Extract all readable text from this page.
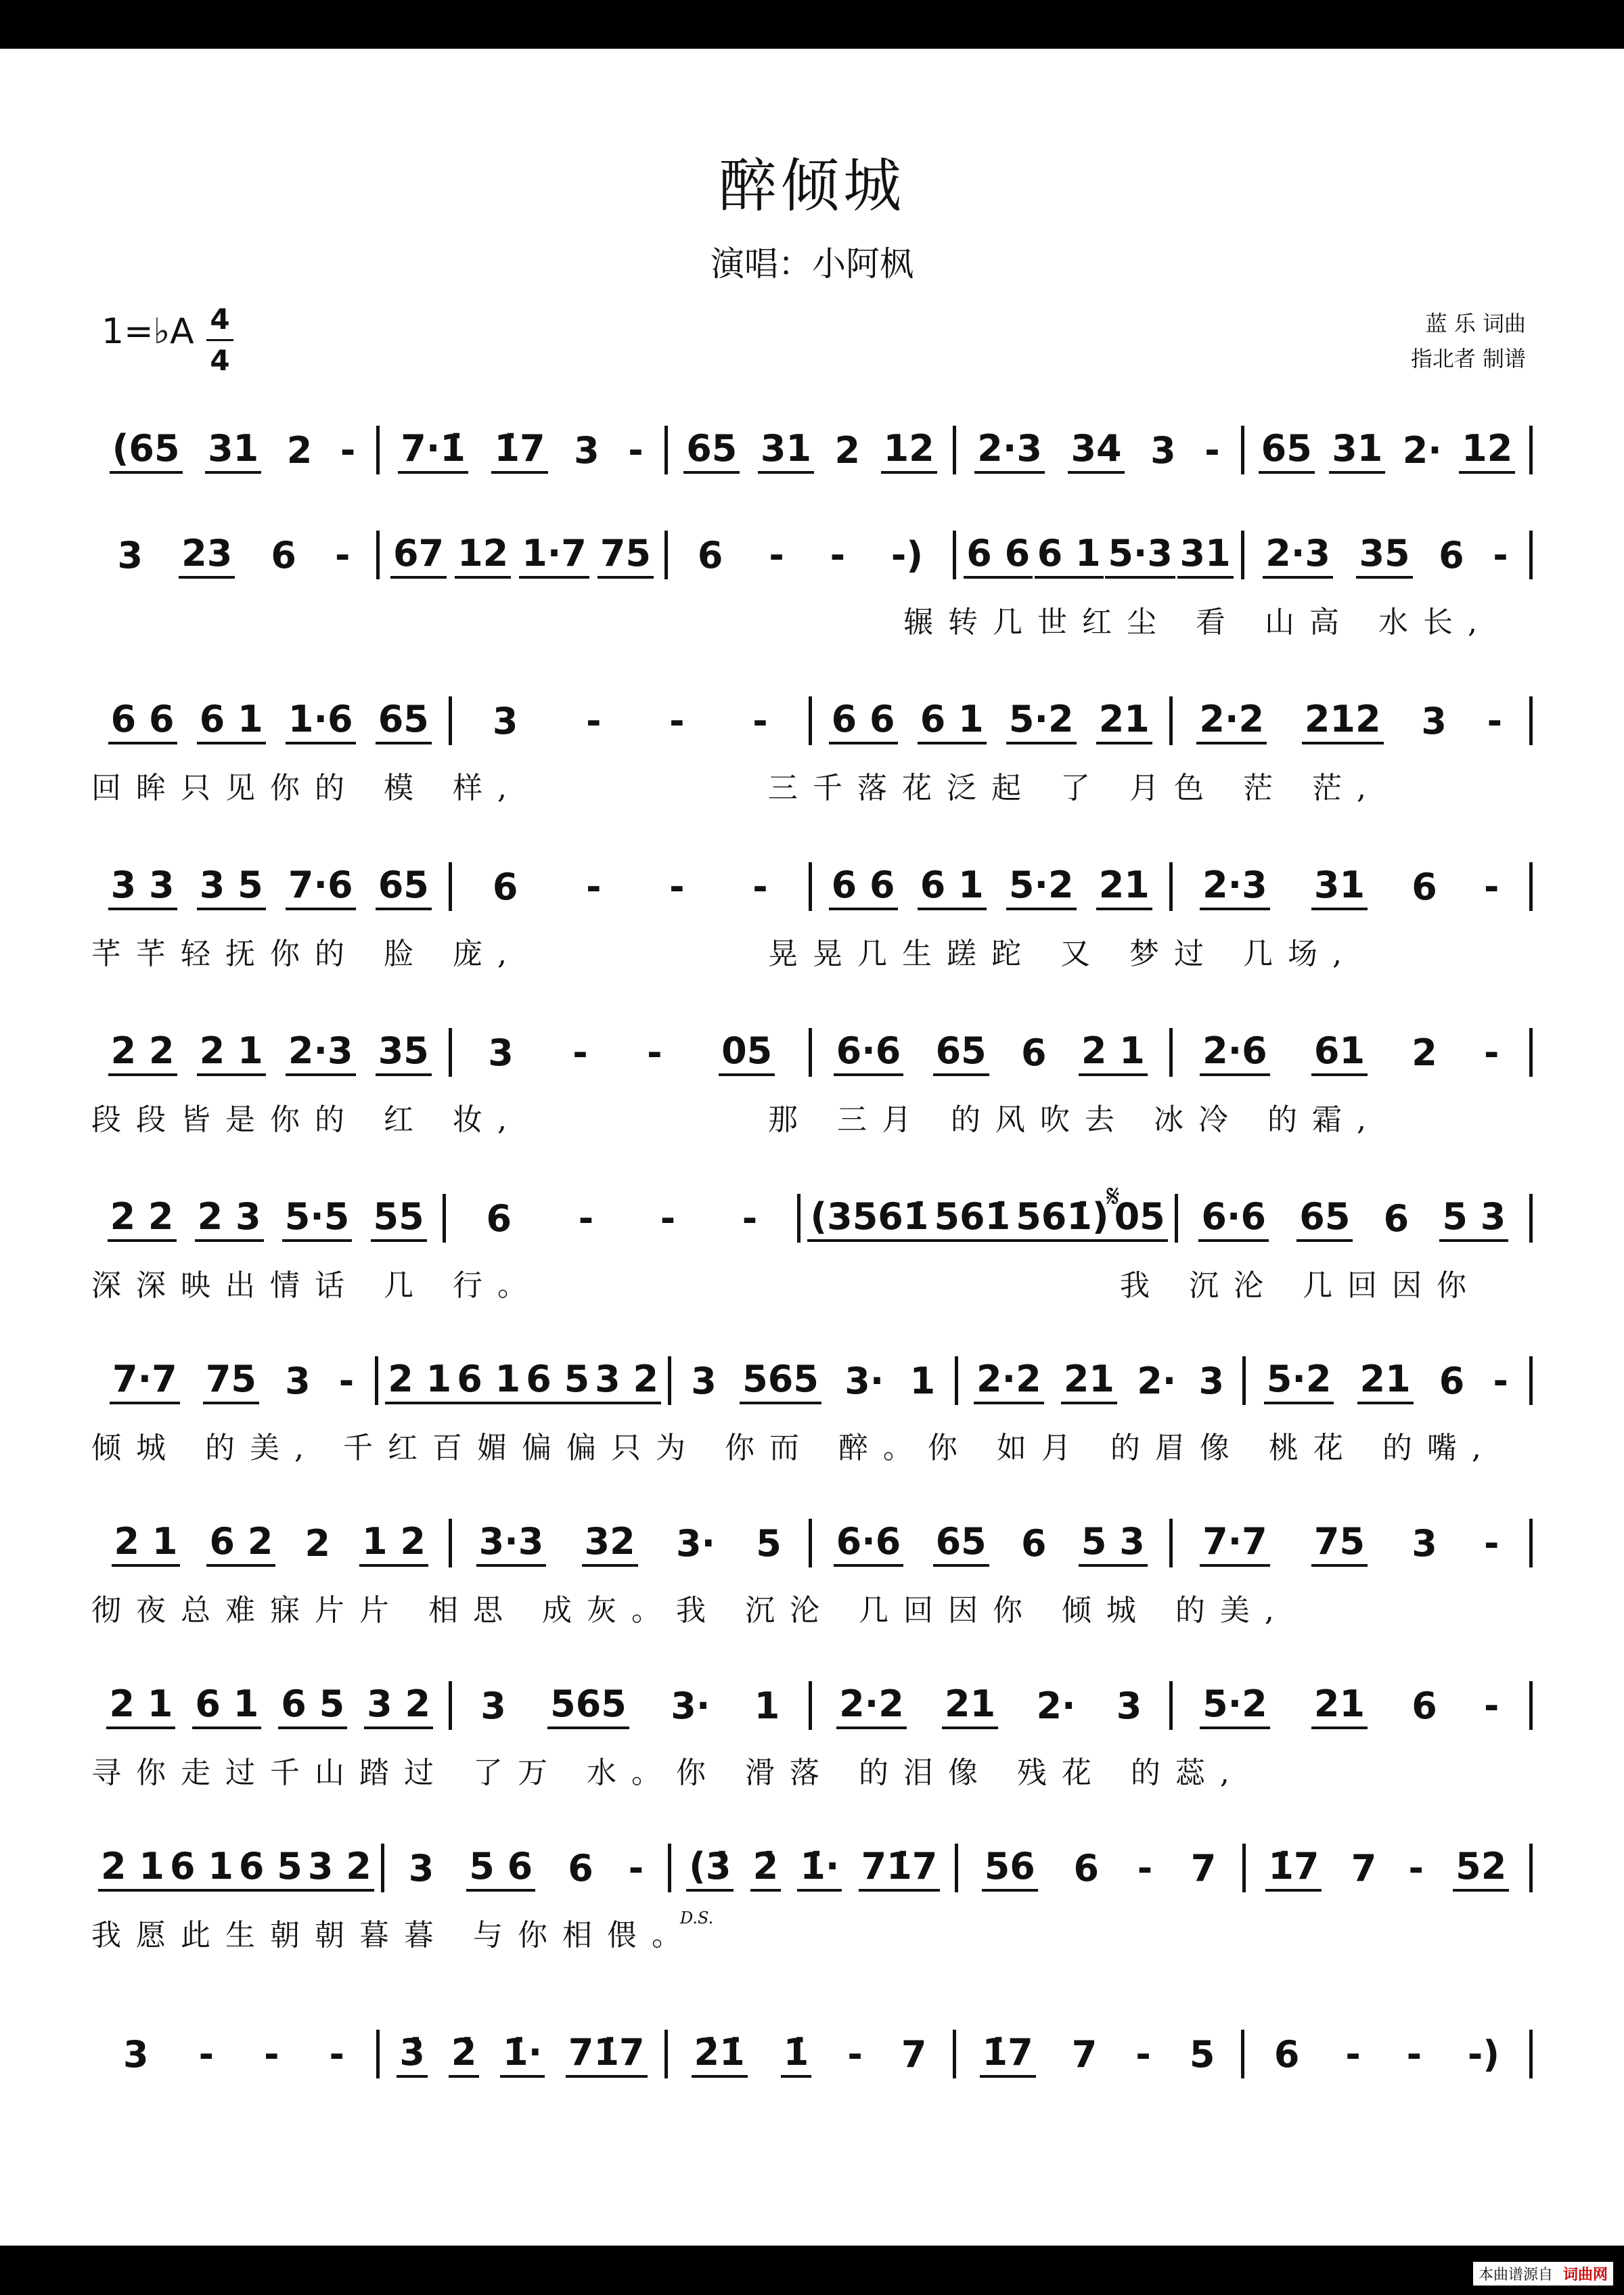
醉倾城
演唱：小阿枫
1=♭A 4
4
蓝 乐 词曲
指北者 制谱
(65 31 2 - 7·1̇ 1̇7 3 - 65 31 2 12 2·3 34 3 - 65 31 2· 12
3 23 6 - 67 12 1·7 75 6 - - -) 6 6 6 1 5·3 31 2·3 35 6 -
辗转几世红尘 看 山高 水长,
6 6 6 1 1·6 65 3 - - - 6 6 6 1 5·2 21 2·2 212 3 -
回眸只见你的 模 样,	三千落花泛起 了 月色 茫 茫,
3 3 3 5 7·6 65 6 - - - 6 6 6 1 5·2 21 2·3 31 6 -
芊芊轻抚你的 脸 庞,	晃晃几生蹉跎 又 梦过 几场,
2 2 2 1 2·3 35 3 - - 05 6·6 65 6 2 1 2·6 61 2 -
段段皆是你的 红 妆,	那 三月 的风吹去 冰冷 的霜,
2 2 2 3 5·5 55 6 - - - (3561̇ 561̇ 561̇) 05 6·6 65 6 5 3
深深映出情话 几 行。	我 沉沦 几回因你
7·7 75 3 - 2 1 6 1 6 5 3 2 3 565 3· 1 2·2 21 2· 3 5·2 21 6 -
倾城 的美, 千红百媚偏偏只为 你而 醉。你 如月 的眉像 桃花 的嘴,
2 1 6 2 2 1 2 3·3 32 3· 5 6·6 65 6 5 3 7·7 75 3 -
彻夜总难寐片片 相思 成灰。我 沉沦 几回因你 倾城 的美,
2 1 6 1 6 5 3 2 3 565 3· 1 2·2 21 2· 3 5·2 21 6 -
寻你走过千山踏过 了万 水。你 滑落 的泪像 残花 的蕊,
2 1 6 1 6 5 3 2 3 5 6 6 - (3̇ 2̇ 1̇· 71̇7 56 6 - 7 1̇7 7 - 52
我愿此生朝朝暮暮 与你相偎。
3 - - - 3̇ 2̇ 1̇· 71̇7 2̇1̇ 1̇ - 7 1̇7 7 - 5 6 - - -)
𝄋
D.S.
本曲谱源自 词曲网
